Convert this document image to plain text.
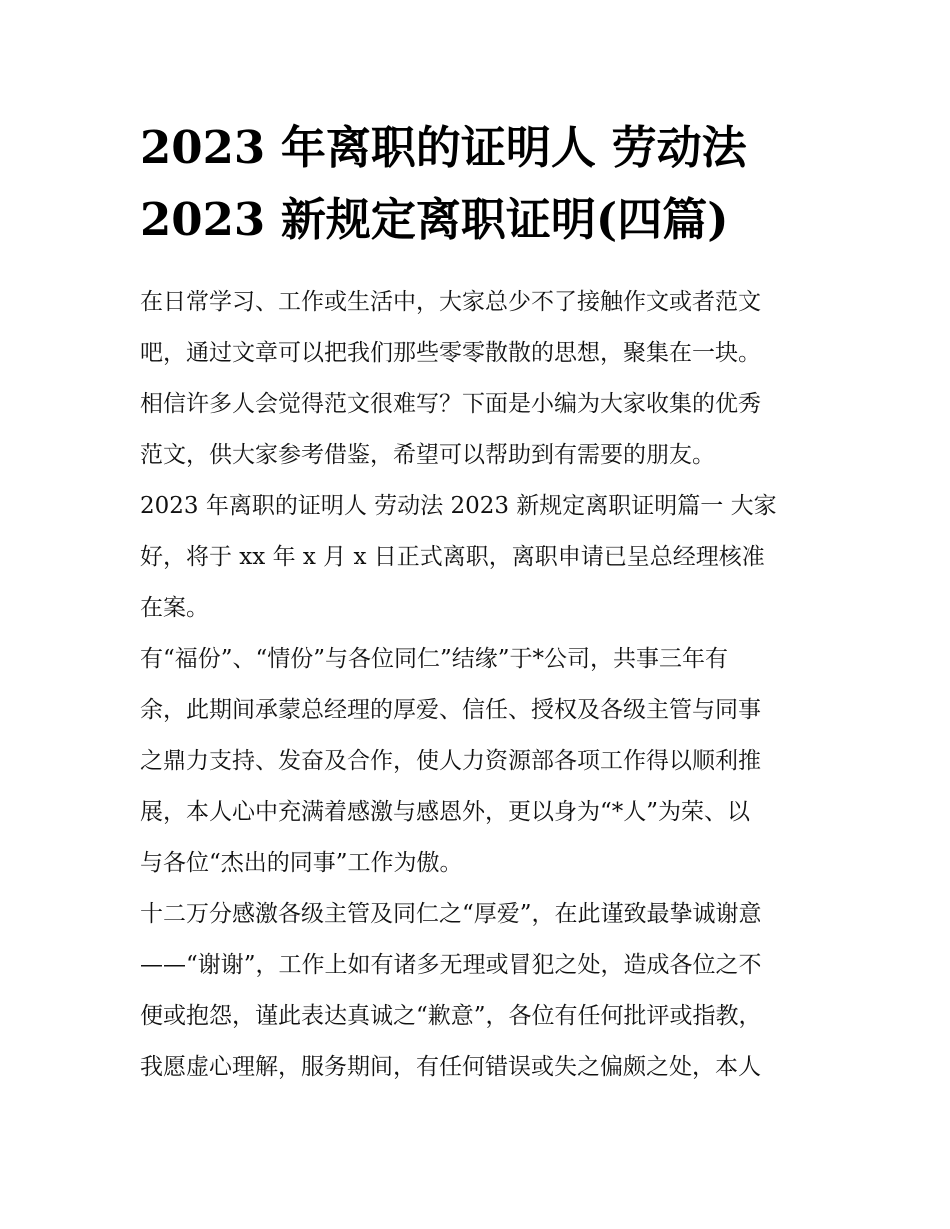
2023 年离职的证明人 劳动法
2023 新规定离职证明(四篇)
在日常学习、工作或生活中，大家总少不了接触作文或者范文
吧，通过文章可以把我们那些零零散散的思想，聚集在一块。
相信许多人会觉得范文很难写？下面是小编为大家收集的优秀
范文，供大家参考借鉴，希望可以帮助到有需要的朋友。
2023 年离职的证明人 劳动法 2023 新规定离职证明篇一 大家
好，将于 xx 年 x 月 x 日正式离职，离职申请已呈总经理核准
在案。
有“福份”、“情份”与各位同仁”结缘”于*公司，共事三年有
余，此期间承蒙总经理的厚爱、信任、授权及各级主管与同事
之鼎力支持、发奋及合作，使人力资源部各项工作得以顺利推
展，本人心中充满着感激与感恩外，更以身为“*人”为荣、以
与各位“杰出的同事”工作为傲。
十二万分感激各级主管及同仁之“厚爱”，在此谨致最挚诚谢意
——“谢谢”，工作上如有诸多无理或冒犯之处，造成各位之不
便或抱怨，谨此表达真诚之“歉意”，各位有任何批评或指教，
我愿虚心理解，服务期间，有任何错误或失之偏颇之处，本人
